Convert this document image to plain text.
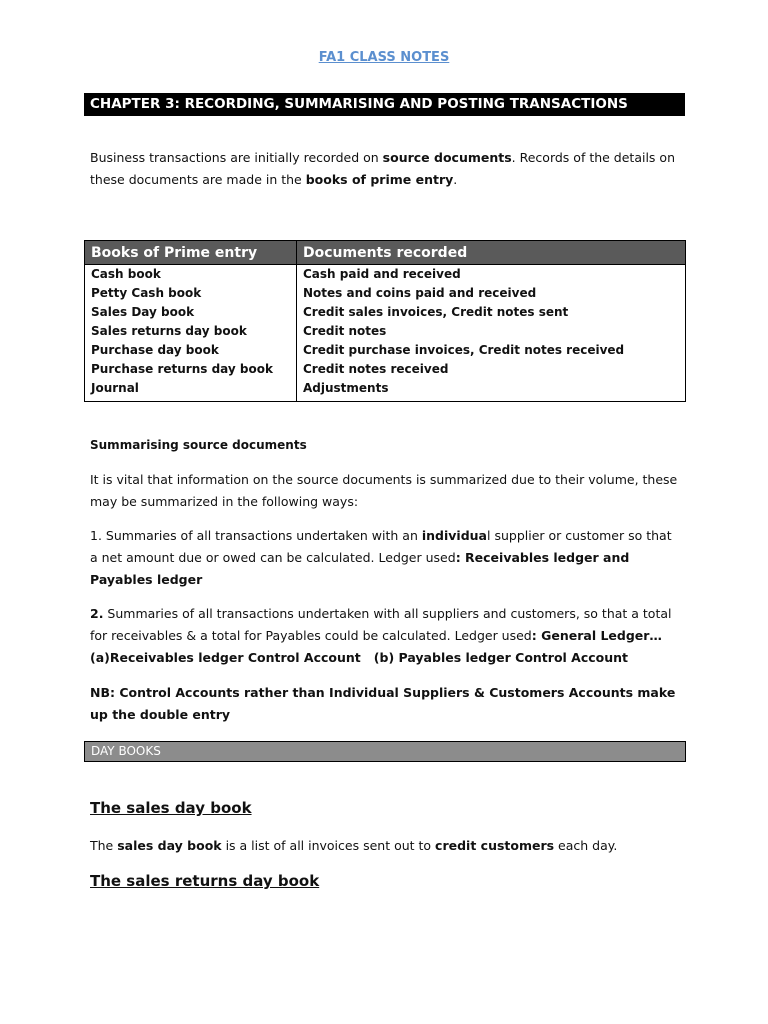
FA1 CLASS NOTES
CHAPTER 3: RECORDING, SUMMARISING AND POSTING TRANSACTIONS
Business transactions are initially recorded on source documents. Records of the details on these documents are made in the books of prime entry.
Books of Prime entry	Documents recorded
Cash book	Cash paid and received
Petty Cash book	Notes and coins paid and received
Sales Day book	Credit sales invoices, Credit notes sent
Sales returns day book	Credit notes
Purchase day book	Credit purchase invoices, Credit notes received
Purchase returns day book	Credit notes received
Journal	Adjustments
Summarising source documents
It is vital that information on the source documents is summarized due to their volume, these may be summarized in the following ways:
1. Summaries of all transactions undertaken with an individual supplier or customer so that a net amount due or owed can be calculated. Ledger used: Receivables ledger and Payables ledger
2. Summaries of all transactions undertaken with all suppliers and customers, so that a total for receivables & a total for Payables could be calculated. Ledger used: General Ledger…
(a)Receivables ledger Control Account   (b) Payables ledger Control Account
NB: Control Accounts rather than Individual Suppliers & Customers Accounts make up the double entry
DAY BOOKS
The sales day book
The sales day book is a list of all invoices sent out to credit customers each day.
The sales returns day book
